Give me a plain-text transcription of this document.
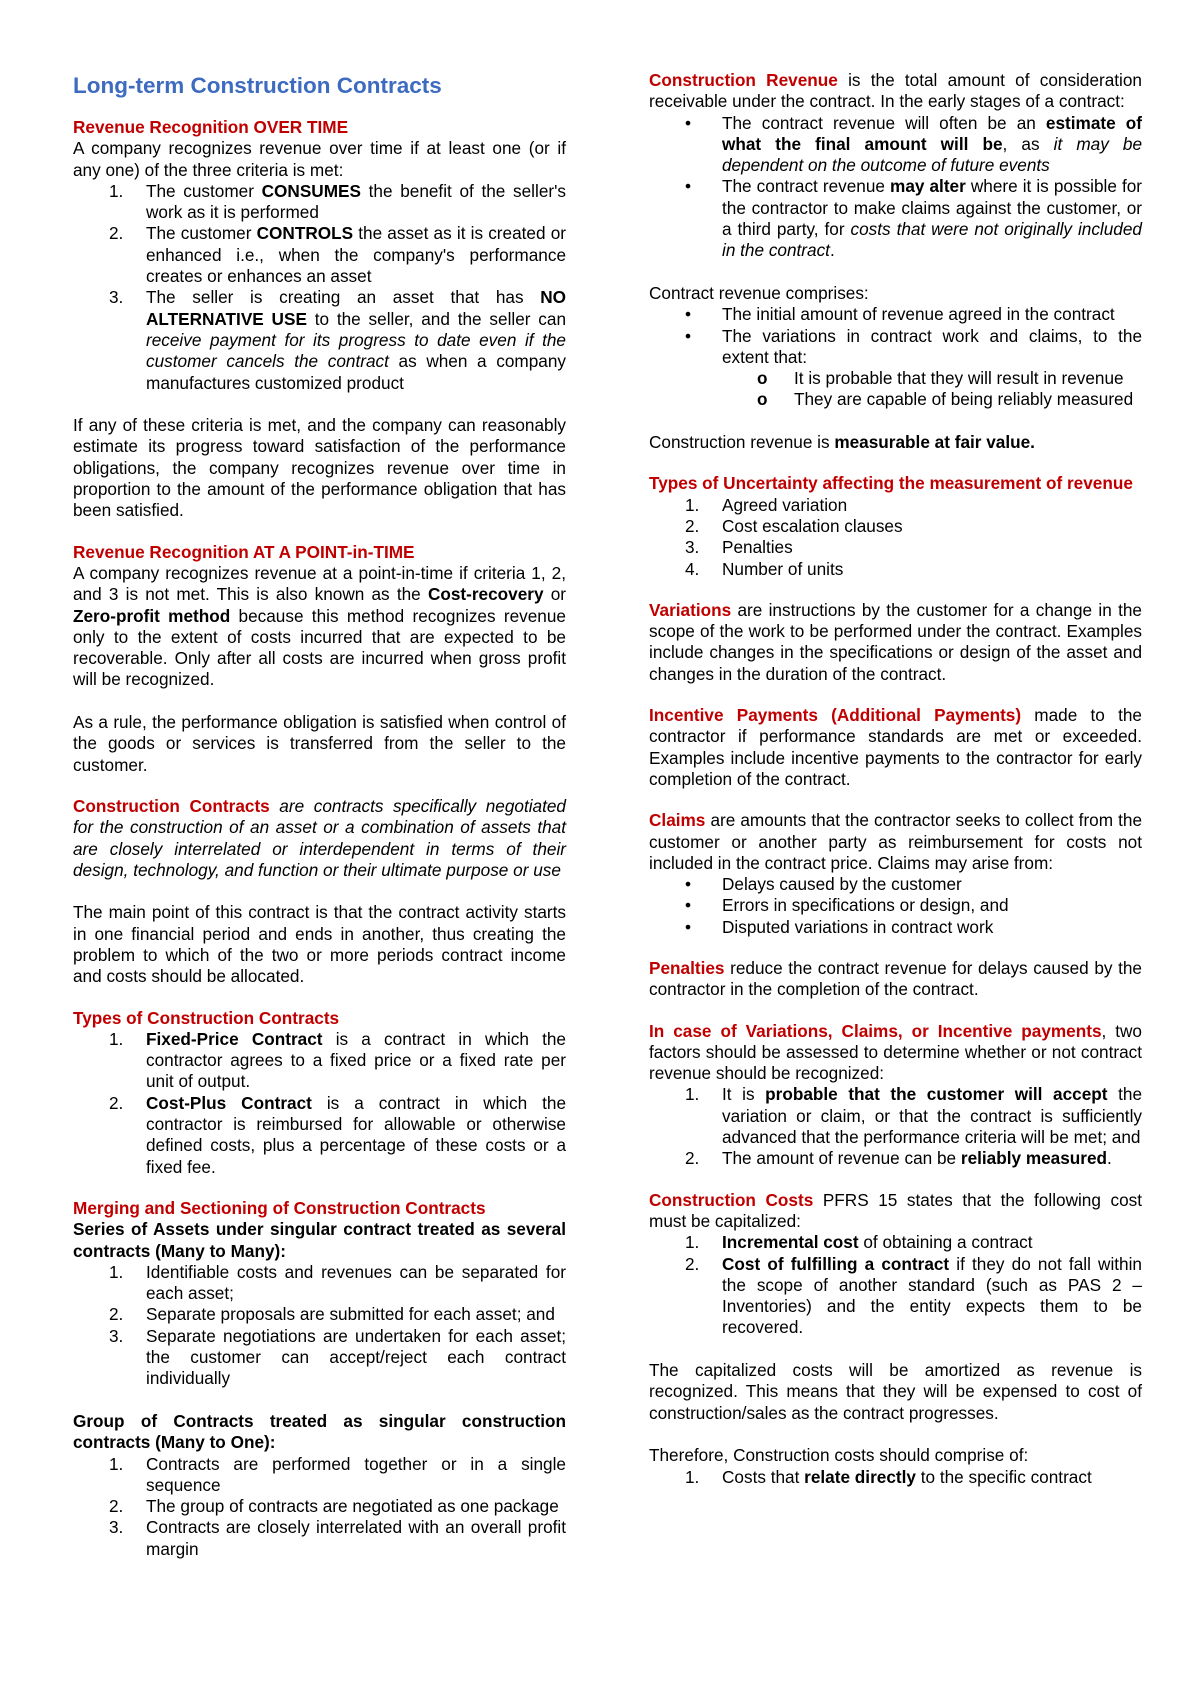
Long-term Construction Contracts
Revenue Recognition OVER TIME

A company recognizes revenue over time if at least one (or if any one) of the three criteria is met:

1.	The customer CONSUMES the benefit of the seller's work as it is performed
2.	The customer CONTROLS the asset as it is created or enhanced i.e., when the company's performance creates or enhances an asset
3.	The seller is creating an asset that has NO ALTERNATIVE USE to the seller, and the seller can receive payment for its progress to date even if the customer cancels the contract as when a company manufactures customized product

If any of these criteria is met, and the company can reasonably estimate its progress toward satisfaction of the performance obligations, the company recognizes revenue over time in proportion to the amount of the performance obligation that has been satisfied.

Revenue Recognition AT A POINT-in-TIME

A company recognizes revenue at a point-in-time if criteria 1, 2, and 3 is not met. This is also known as the Cost-recovery or Zero-profit method because this method recognizes revenue only to the extent of costs incurred that are expected to be recoverable. Only after all costs are incurred when gross profit will be recognized.

As a rule, the performance obligation is satisfied when control of the goods or services is transferred from the seller to the customer.

Construction Contracts are contracts specifically negotiated for the construction of an asset or a combination of assets that are closely interrelated or interdependent in terms of their design, technology, and function or their ultimate purpose or use

The main point of this contract is that the contract activity starts in one financial period and ends in another, thus creating the problem to which of the two or more periods contract income and costs should be allocated.

Types of Construction Contracts
1.	Fixed-Price Contract is a contract in which the contractor agrees to a fixed price or a fixed rate per unit of output.
2.	Cost-Plus Contract is a contract in which the contractor is reimbursed for allowable or otherwise defined costs, plus a percentage of these costs or a fixed fee.
Merging and Sectioning of Construction Contracts

Series of Assets under singular contract treated as several contracts (Many to Many):

1.	Identifiable costs and revenues can be separated for each asset;
2.	Separate proposals are submitted for each asset; and
3.	Separate negotiations are undertaken for each asset; the customer can accept/reject each contract individually

Group of Contracts treated as singular construction contracts (Many to One):

1.	Contracts are performed together or in a single sequence
2.	The group of contracts are negotiated as one package
3.	Contracts are closely interrelated with an overall profit margin

Construction Revenue is the total amount of consideration receivable under the contract. In the early stages of a contract:

• The contract revenue will often be an estimate of what the final amount will be, as it may be dependent on the outcome of future events
• The contract revenue may alter where it is possible for the contractor to make claims against the customer, or a third party, for costs that were not originally included in the contract.

Contract revenue comprises:

• The initial amount of revenue agreed in the contract
• The variations in contract work and claims, to the extent that:
o It is probable that they will result in revenue
o They are capable of being reliably measured

Construction revenue is measurable at fair value.

Types of Uncertainty affecting the measurement of revenue
1.	Agreed variation
2.	Cost escalation clauses
3.	Penalties
4.	Number of units

Variations are instructions by the customer for a change in the scope of the work to be performed under the contract. Examples include changes in the specifications or design of the asset and changes in the duration of the contract.

Incentive Payments (Additional Payments) made to the contractor if performance standards are met or exceeded. Examples include incentive payments to the contractor for early completion of the contract.

Claims are amounts that the contractor seeks to collect from the customer or another party as reimbursement for costs not included in the contract price. Claims may arise from:

• Delays caused by the customer
• Errors in specifications or design, and
• Disputed variations in contract work

Penalties reduce the contract revenue for delays caused by the contractor in the completion of the contract.

In case of Variations, Claims, or Incentive payments, two factors should be assessed to determine whether or not contract revenue should be recognized:

1.	It is probable that the customer will accept the variation or claim, or that the contract is sufficiently advanced that the performance criteria will be met; and
2.	The amount of revenue can be reliably measured.

Construction Costs PFRS 15 states that the following cost must be capitalized:

1.	Incremental cost of obtaining a contract
2.	Cost of fulfilling a contract if they do not fall within the scope of another standard (such as PAS 2 – Inventories) and the entity expects them to be recovered.

The capitalized costs will be amortized as revenue is recognized. This means that they will be expensed to cost of construction/sales as the contract progresses.

Therefore, Construction costs should comprise of:

1.	Costs that relate directly to the specific contract
